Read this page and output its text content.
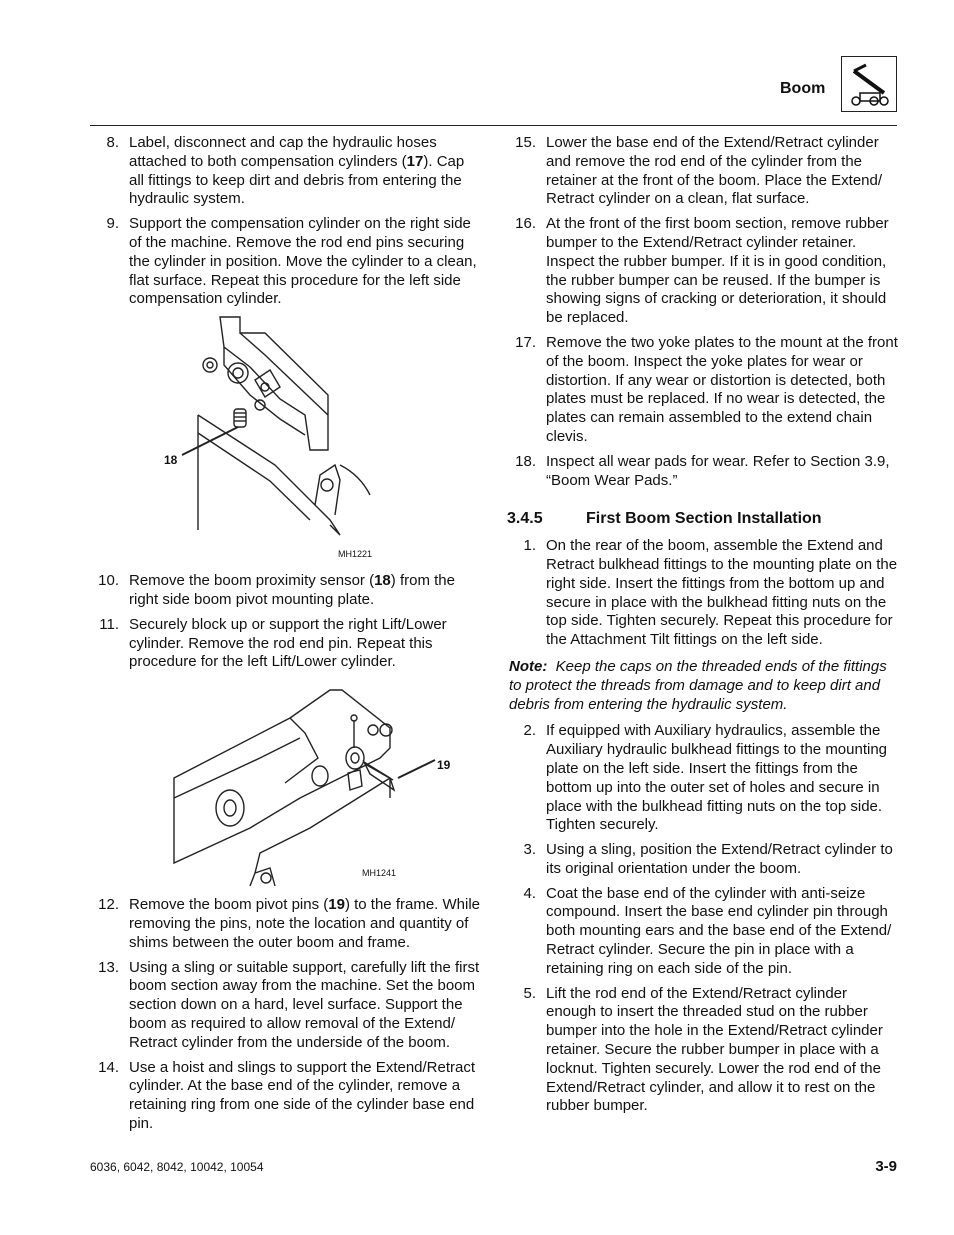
Boom
8. Label, disconnect and cap the hydraulic hoses attached to both compensation cylinders (17). Cap all fittings to keep dirt and debris from entering the hydraulic system.
9. Support the compensation cylinder on the right side of the machine. Remove the rod end pins securing the cylinder in position. Move the cylinder to a clean, flat surface. Repeat this procedure for the left side compensation cylinder.
18
MH1221
10. Remove the boom proximity sensor (18) from the right side boom pivot mounting plate.
11. Securely block up or support the right Lift/Lower cylinder. Remove the rod end pin. Repeat this procedure for the left Lift/Lower cylinder.
19
MH1241
12. Remove the boom pivot pins (19) to the frame. While removing the pins, note the location and quantity of shims between the outer boom and frame.
13. Using a sling or suitable support, carefully lift the first boom section away from the machine. Set the boom section down on a hard, level surface. Support the boom as required to allow removal of the Extend/ Retract cylinder from the underside of the boom.
14. Use a hoist and slings to support the Extend/Retract cylinder. At the base end of the cylinder, remove a retaining ring from one side of the cylinder base end pin.
15. Lower the base end of the Extend/Retract cylinder and remove the rod end of the cylinder from the retainer at the front of the boom. Place the Extend/ Retract cylinder on a clean, flat surface.
16. At the front of the first boom section, remove rubber bumper to the Extend/Retract cylinder retainer. Inspect the rubber bumper. If it is in good condition, the rubber bumper can be reused. If the bumper is showing signs of cracking or deterioration, it should be replaced.
17. Remove the two yoke plates to the mount at the front of the boom. Inspect the yoke plates for wear or distortion. If any wear or distortion is detected, both plates must be replaced. If no wear is detected, the plates can remain assembled to the extend chain clevis.
18. Inspect all wear pads for wear. Refer to Section 3.9, “Boom Wear Pads.”
3.4.5	First Boom Section Installation
1. On the rear of the boom, assemble the Extend and Retract bulkhead fittings to the mounting plate on the right side. Insert the fittings from the bottom up and secure in place with the bulkhead fitting nuts on the top side. Tighten securely. Repeat this procedure for the Attachment Tilt fittings on the left side.
Note: Keep the caps on the threaded ends of the fittings to protect the threads from damage and to keep dirt and debris from entering the hydraulic system.
2. If equipped with Auxiliary hydraulics, assemble the Auxiliary hydraulic bulkhead fittings to the mounting plate on the left side. Insert the fittings from the bottom up into the outer set of holes and secure in place with the bulkhead fitting nuts on the top side. Tighten securely.
3. Using a sling, position the Extend/Retract cylinder to its original orientation under the boom.
4. Coat the base end of the cylinder with anti-seize compound. Insert the base end cylinder pin through both mounting ears and the base end of the Extend/ Retract cylinder. Secure the pin in place with a retaining ring on each side of the pin.
5. Lift the rod end of the Extend/Retract cylinder enough to insert the threaded stud on the rubber bumper into the hole in the Extend/Retract cylinder retainer. Secure the rubber bumper in place with a locknut. Tighten securely. Lower the rod end of the Extend/Retract cylinder, and allow it to rest on the rubber bumper.
6036, 6042, 8042, 10042, 10054	3-9
